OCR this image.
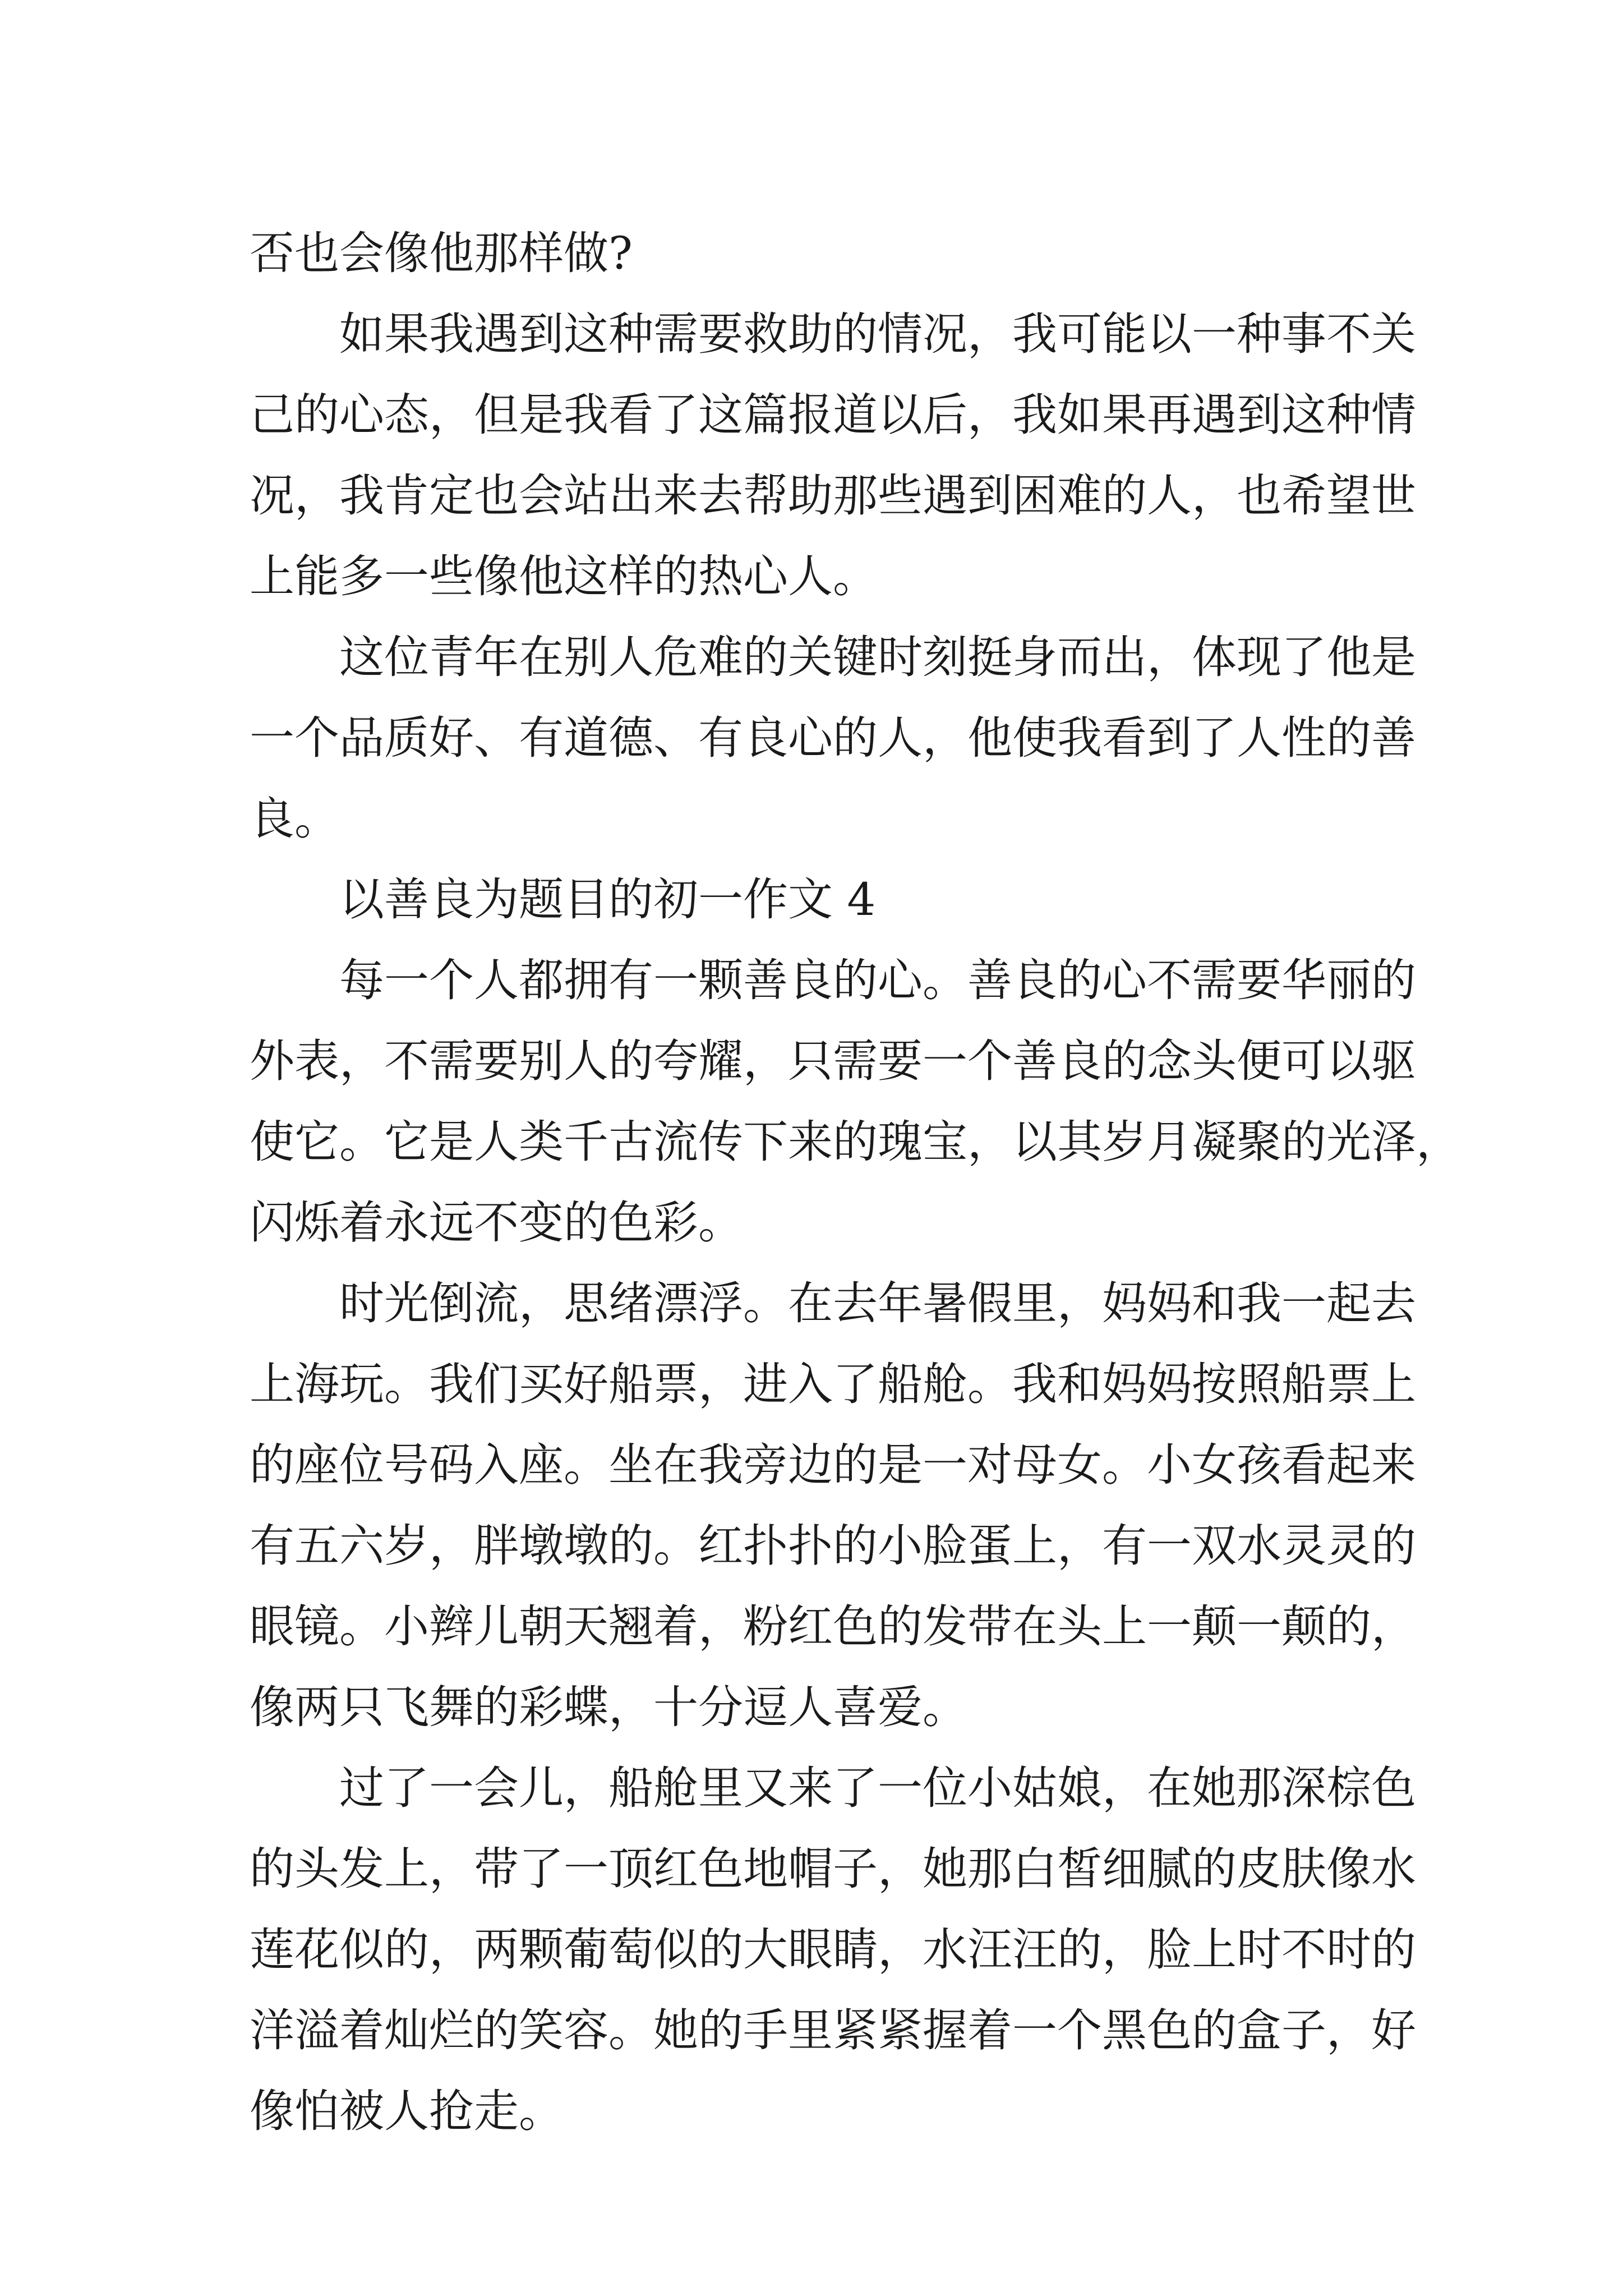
否也会像他那样做?
如果我遇到这种需要救助的情况，我可能以一种事不关
己的心态，但是我看了这篇报道以后，我如果再遇到这种情
况，我肯定也会站出来去帮助那些遇到困难的人，也希望世
上能多一些像他这样的热心人。
这位青年在别人危难的关键时刻挺身而出，体现了他是
一个品质好、有道德、有良心的人，他使我看到了人性的善
良。
以善良为题目的初一作文 4
每一个人都拥有一颗善良的心。善良的心不需要华丽的
外表，不需要别人的夸耀，只需要一个善良的念头便可以驱
使它。它是人类千古流传下来的瑰宝，以其岁月凝聚的光泽，
闪烁着永远不变的色彩。
时光倒流，思绪漂浮。在去年暑假里，妈妈和我一起去
上海玩。我们买好船票，进入了船舱。我和妈妈按照船票上
的座位号码入座。坐在我旁边的是一对母女。小女孩看起来
有五六岁，胖墩墩的。红扑扑的小脸蛋上，有一双水灵灵的
眼镜。小辫儿朝天翘着，粉红色的发带在头上一颠一颠的，
像两只飞舞的彩蝶，十分逗人喜爱。
过了一会儿，船舱里又来了一位小姑娘，在她那深棕色
的头发上，带了一顶红色地帽子，她那白皙细腻的皮肤像水
莲花似的，两颗葡萄似的大眼睛，水汪汪的，脸上时不时的
洋溢着灿烂的笑容。她的手里紧紧握着一个黑色的盒子，好
像怕被人抢走。
